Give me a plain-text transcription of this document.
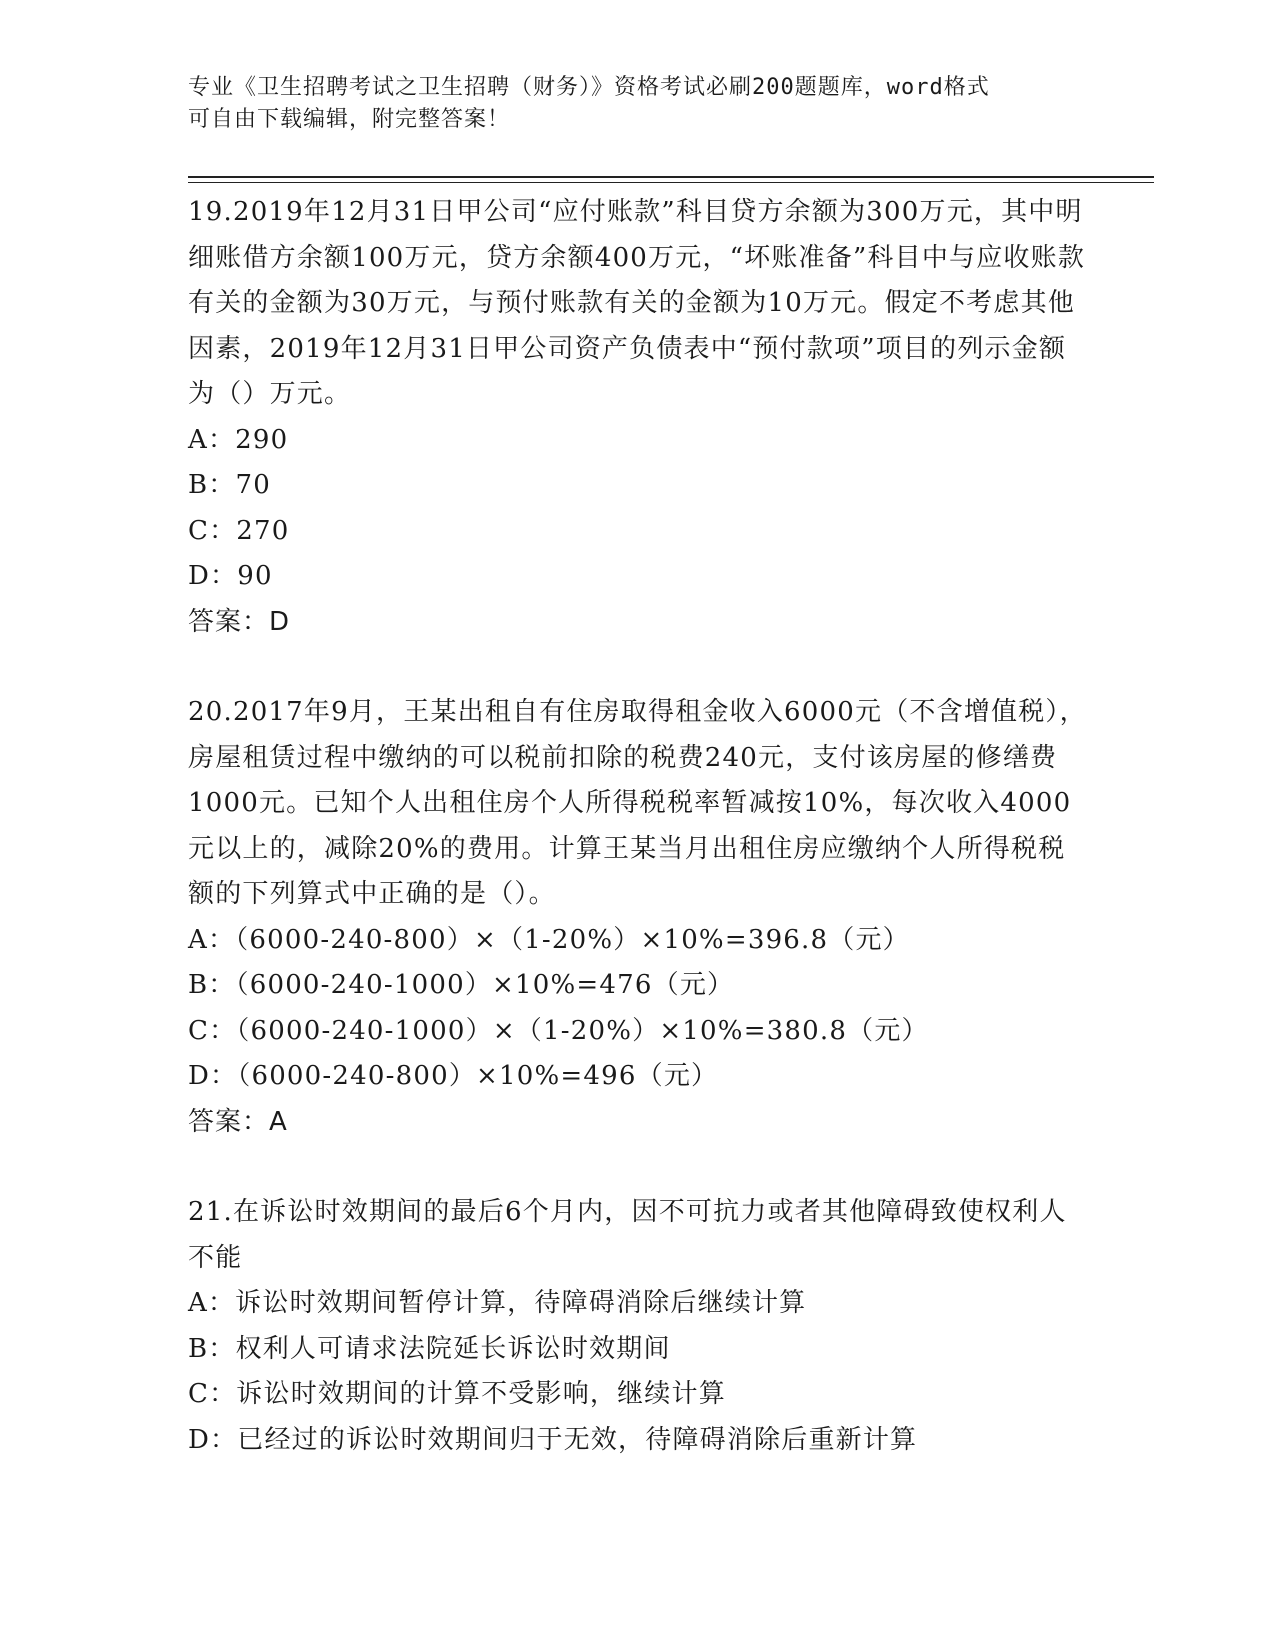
专业《卫生招聘考试之卫生招聘（财务）》资格考试必刷200题题库，word格式
可自由下载编辑，附完整答案！
19.2019年12月31日甲公司“应付账款”科目贷方余额为300万元，其中明细账借方余额100万元，贷方余额400万元，“坏账准备”科目中与应收账款有关的金额为30万元，与预付账款有关的金额为10万元。假定不考虑其他因素，2019年12月31日甲公司资产负债表中“预付款项”项目的列示金额为（）万元。
A：290
B：70
C：270
D：90
答案：D
20.2017年9月，王某出租自有住房取得租金收入6000元（不含增值税），房屋租赁过程中缴纳的可以税前扣除的税费240元，支付该房屋的修缮费1000元。已知个人出租住房个人所得税税率暂减按10%，每次收入4000元以上的，减除20%的费用。计算王某当月出租住房应缴纳个人所得税税额的下列算式中正确的是（）。
A：（6000-240-800）×（1-20%）×10%=396.8（元）
B：（6000-240-1000）×10%=476（元）
C：（6000-240-1000）×（1-20%）×10%=380.8（元）
D：（6000-240-800）×10%=496（元）
答案：A
21.在诉讼时效期间的最后6个月内，因不可抗力或者其他障碍致使权利人不能
A：诉讼时效期间暂停计算，待障碍消除后继续计算
B：权利人可请求法院延长诉讼时效期间
C：诉讼时效期间的计算不受影响，继续计算
D：已经过的诉讼时效期间归于无效，待障碍消除后重新计算
